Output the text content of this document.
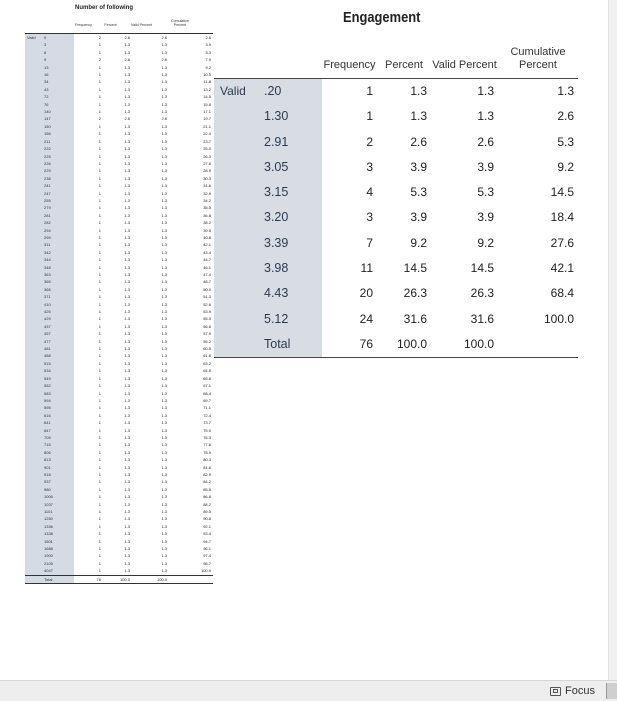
Number of following
Frequency	Percent	Valid Percent
Cumulative Percent
Valid	0	2	2.6	2.6	2.6
	3	1	1.3	1.3	3.9
	8	1	1.3	1.3	5.3
	9	2	2.6	2.6	7.9
	13	1	1.3	1.3	9.2
	16	1	1.3	1.3	10.5
	34	1	1.3	1.3	11.8
	43	1	1.3	1.3	13.2
	72	1	1.3	1.3	14.5
	76	1	1.3	1.3	15.8
	140	1	1.3	1.3	17.1
	147	2	2.6	2.6	19.7
	150	1	1.3	1.3	21.1
	156	1	1.3	1.3	22.4
	211	1	1.3	1.3	23.7
	222	1	1.3	1.3	25.0
	225	1	1.3	1.3	26.3
	226	1	1.3	1.3	27.6
	229	1	1.3	1.3	28.9
	238	1	1.3	1.3	30.3
	241	1	1.3	1.3	31.6
	247	1	1.3	1.3	32.9
	255	1	1.3	1.3	34.2
	279	1	1.3	1.3	35.5
	281	1	1.3	1.3	36.8
	282	1	1.3	1.3	38.2
	294	1	1.3	1.3	39.5
	299	1	1.3	1.3	40.8
	311	1	1.3	1.3	42.1
	342	1	1.3	1.3	43.4
	344	1	1.3	1.3	44.7
	348	1	1.3	1.3	46.1
	363	1	1.3	1.3	47.4
	365	1	1.3	1.3	48.7
	366	1	1.3	1.3	50.0
	371	1	1.3	1.3	51.3
	410	1	1.3	1.3	52.6
	425	1	1.3	1.3	53.9
	429	1	1.3	1.3	55.3
	437	1	1.3	1.3	56.6
	457	1	1.3	1.3	57.9
	477	1	1.3	1.3	59.2
	481	1	1.3	1.3	60.5
	488	1	1.3	1.3	61.8
	515	1	1.3	1.3	63.2
	534	1	1.3	1.3	64.5
	549	1	1.3	1.3	65.8
	562	1	1.3	1.3	67.1
	583	1	1.3	1.3	68.4
	594	1	1.3	1.3	69.7
	595	1	1.3	1.3	71.1
	616	1	1.3	1.3	72.4
	641	1	1.3	1.3	73.7
	647	1	1.3	1.3	75.0
	705	1	1.3	1.3	76.3
	715	1	1.3	1.3	77.6
	806	1	1.3	1.3	78.9
	813	1	1.3	1.3	80.3
	901	1	1.3	1.3	81.6
	918	1	1.3	1.3	82.9
	937	1	1.3	1.3	84.2
	980	1	1.3	1.3	85.5
	1006	1	1.3	1.3	86.8
	1037	1	1.3	1.3	88.2
	1101	1	1.3	1.3	89.5
	1250	1	1.3	1.3	90.8
	1336	1	1.3	1.3	92.1
	1338	1	1.3	1.3	93.4
	1501	1	1.3	1.3	94.7
	1688	1	1.3	1.3	96.1
	1900	1	1.3	1.3	97.4
	2105	1	1.3	1.3	98.7
	4047	1	1.3	1.3	100.0
	Total	76	100.0	100.0	
Engagement
		Frequency	Percent	Valid Percent	Cumulative Percent
Valid	.20	1	1.3	1.3	1.3
	1.30	1	1.3	1.3	2.6
	2.91	2	2.6	2.6	5.3
	3.05	3	3.9	3.9	9.2
	3.15	4	5.3	5.3	14.5
	3.20	3	3.9	3.9	18.4
	3.39	7	9.2	9.2	27.6
	3.98	11	14.5	14.5	42.1
	4.43	20	26.3	26.3	68.4
	5.12	24	31.6	31.6	100.0
	Total	76	100.0	100.0	
Focus
